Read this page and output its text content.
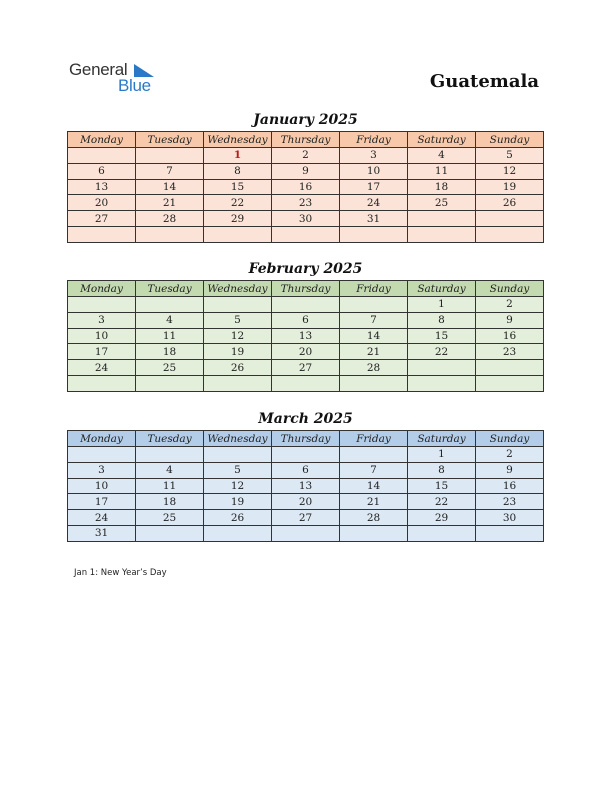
General
Blue	Guatemala
January 2025
Monday	Tuesday	Wednesday	Thursday	Friday	Saturday	Sunday
		1	2	3	4	5
6	7	8	9	10	11	12
13	14	15	16	17	18	19
20	21	22	23	24	25	26
27	28	29	30	31		

February 2025
Monday	Tuesday	Wednesday	Thursday	Friday	Saturday	Sunday
					1	2
3	4	5	6	7	8	9
10	11	12	13	14	15	16
17	18	19	20	21	22	23
24	25	26	27	28		

March 2025
Monday	Tuesday	Wednesday	Thursday	Friday	Saturday	Sunday
					1	2
3	4	5	6	7	8	9
10	11	12	13	14	15	16
17	18	19	20	21	22	23
24	25	26	27	28	29	30
31						
Jan 1: New Year’s Day
